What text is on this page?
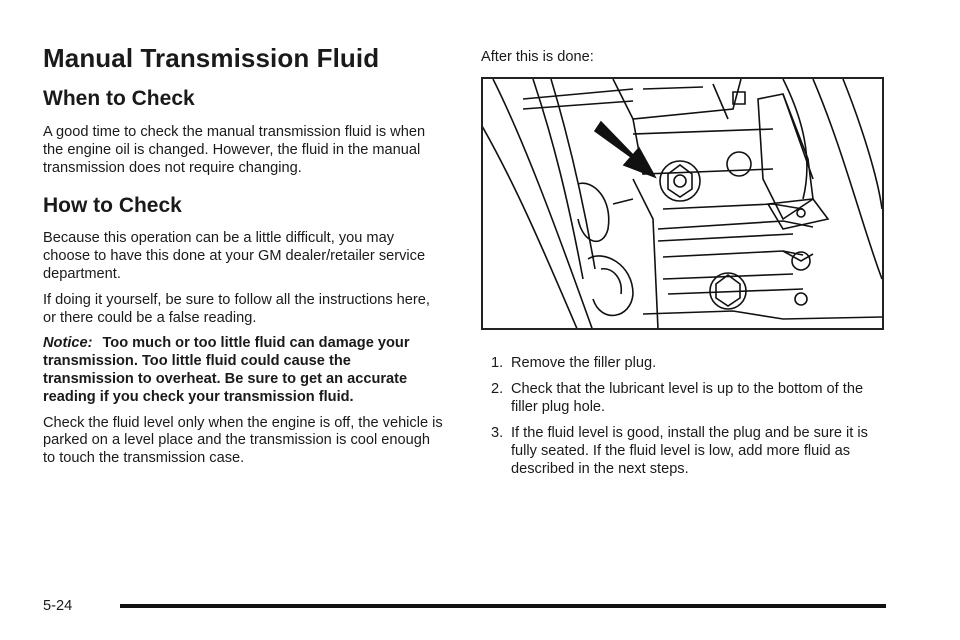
Manual Transmission Fluid
When to Check

A good time to check the manual transmission fluid is when the engine oil is changed. However, the fluid in the manual transmission does not require changing.

How to Check

Because this operation can be a little difficult, you may choose to have this done at your GM dealer/retailer service department.

If doing it yourself, be sure to follow all the instructions here, or there could be a false reading.

Notice: Too much or too little fluid can damage your transmission. Too little fluid could cause the transmission to overheat. Be sure to get an accurate reading if you check your transmission fluid.

Check the fluid level only when the engine is off, the vehicle is parked on a level place and the transmission is cool enough to touch the transmission case.

After this is done:
1. Remove the filler plug.
2. Check that the lubricant level is up to the bottom of the filler plug hole.
3. If the fluid level is good, install the plug and be sure it is fully seated. If the fluid level is low, add more fluid as described in the next steps.
5-24
